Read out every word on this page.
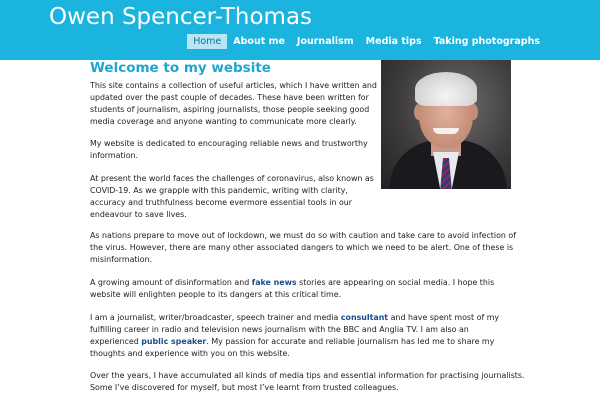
Owen Spencer-Thomas
Home	About me	Journalism	Media tips	Taking photographs
Welcome to my website
This site contains a collection of useful articles, which I have written and
updated over the past couple of decades. These have been written for
students of journalism, aspiring journalists, those people seeking good
media coverage and anyone wanting to communicate more clearly.
My website is dedicated to encouraging reliable news and trustworthy
information.
At present the world faces the challenges of coronavirus, also known as
COVID-19. As we grapple with this pandemic, writing with clarity,
accuracy and truthfulness become evermore essential tools in our
endeavour to save lives.
As nations prepare to move out of lockdown, we must do so with caution and take care to avoid infection of
the virus. However, there are many other associated dangers to which we need to be alert. One of these is
misinformation.
A growing amount of disinformation and fake news stories are appearing on social media. I hope this
website will enlighten people to its dangers at this critical time.
I am a journalist, writer/broadcaster, speech trainer and media consultant and have spent most of my
fulfilling career in radio and television news journalism with the BBC and Anglia TV. I am also an
experienced public speaker. My passion for accurate and reliable journalism has led me to share my
thoughts and experience with you on this website.
Over the years, I have accumulated all kinds of media tips and essential information for practising journalists.
Some I’ve discovered for myself, but most I’ve learnt from trusted colleagues.
